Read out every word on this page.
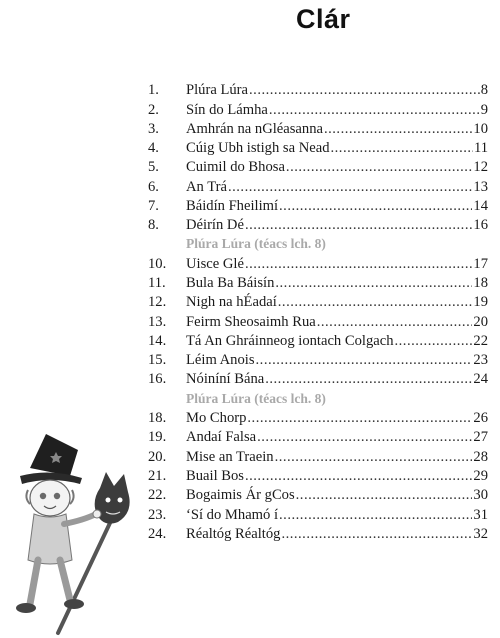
Clár
1.	Plúra Lúra .....	8
2.	Sín do Lámha .....	9
3.	Amhrán na nGléasanna .....	10
4.	Cúig Ubh istigh sa Nead .....	11
5.	Cuimil do Bhosa .....	12
6.	An Trá .....	13
7.	Báidín Fheilimí .....	14
8.	Déirín Dé .....	16
Plúra Lúra (téacs lch. 8)
10.	Uisce Glé .....	17
11.	Bula Ba Báisín .....	18
12.	Nigh na hÉadaí .....	19
13.	Feirm Sheosaimh Rua .....	20
14.	Tá An Ghráinneog iontach Colgach .....	22
15.	Léim Anois .....	23
16.	Nóiníní Bána .....	24
Plúra Lúra (téacs lch. 8)
18.	Mo Chorp .....	26
19.	Andaí Falsa .....	27
20.	Mise an Traein .....	28
21.	Buail Bos .....	29
22.	Bogaimis Ár gCos .....	30
23.	‘Sí do Mhamó í .....	31
24.	Réaltóg Réaltóg .....	32
